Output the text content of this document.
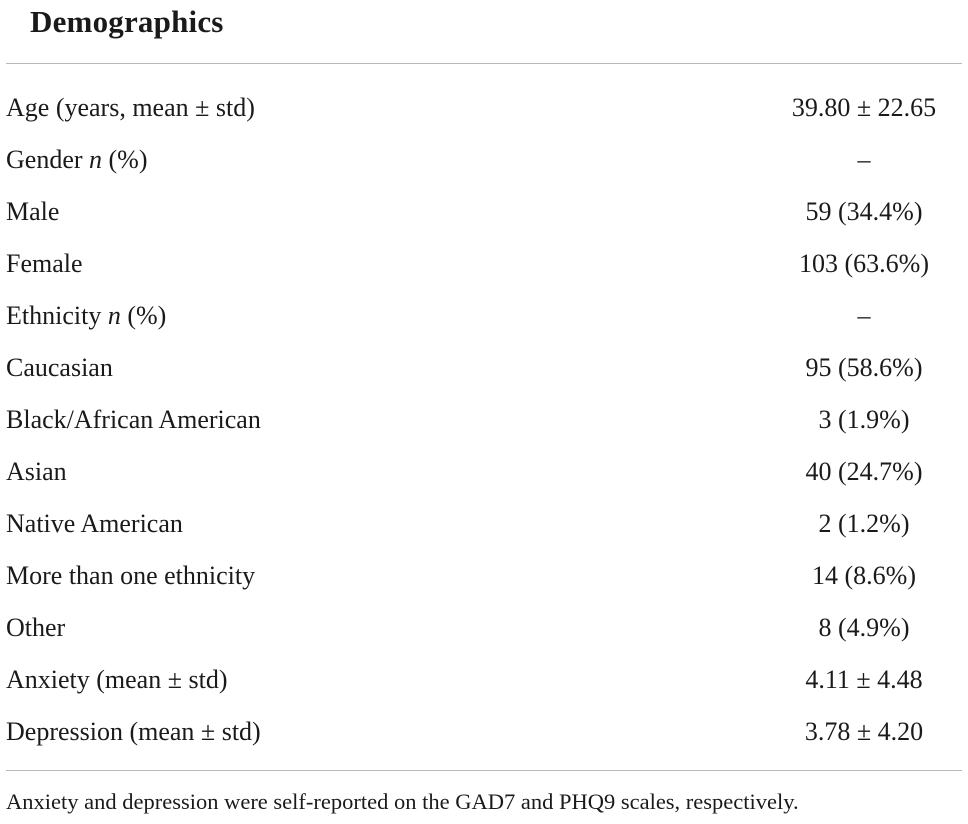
Demographics
Age (years, mean ± std)	39.80 ± 22.65
Gender n (%)	–
Male	59 (34.4%)
Female	103 (63.6%)
Ethnicity n (%)	–
Caucasian	95 (58.6%)
Black/African American	3 (1.9%)
Asian	40 (24.7%)
Native American	2 (1.2%)
More than one ethnicity	14 (8.6%)
Other	8 (4.9%)
Anxiety (mean ± std)	4.11 ± 4.48
Depression (mean ± std)	3.78 ± 4.20
Anxiety and depression were self-reported on the GAD7 and PHQ9 scales, respectively.
